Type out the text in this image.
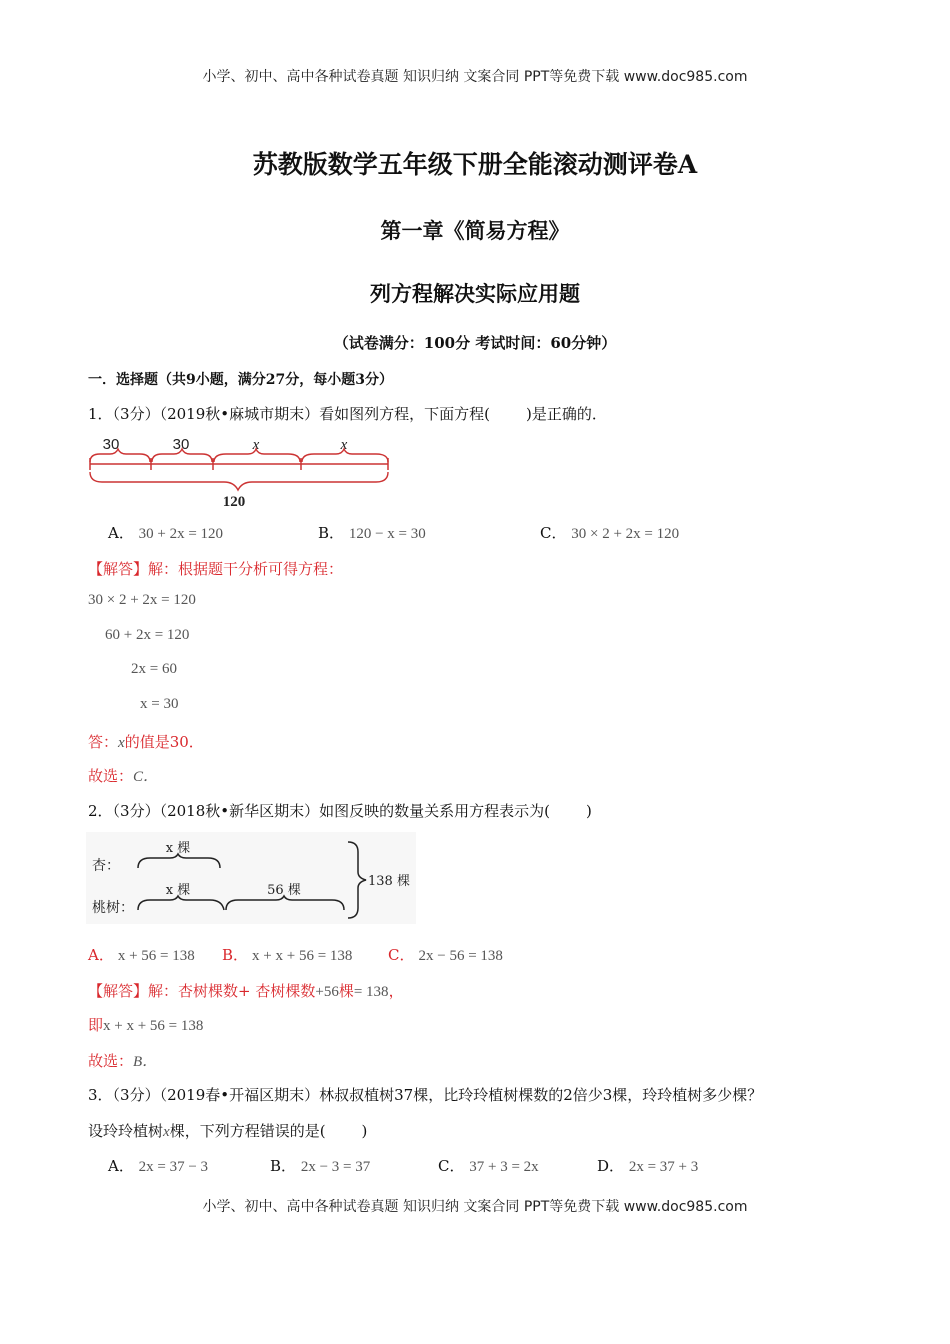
小学、初中、高中各种试卷真题 知识归纳 文案合同 PPT等免费下载 www.doc985.com
苏教版数学五年级下册全能滚动测评卷A
第一章《简易方程》
列方程解决实际应用题
（试卷满分：100分 考试时间：60分钟）
一．选择题（共9小题，满分27分，每小题3分）
1．（3分）（2019秋•麻城市期末）看如图列方程，下面方程( )是正确的．
30	30	x	x
120
A． 30 + 2x = 120	B． 120 − x = 30	C． 30 × 2 + 2x = 120
【解答】解：根据题干分析可得方程：
30 × 2 + 2x = 120
60 + 2x = 120
2x = 60
x = 30
答：x的值是30．
故选：C．
2．（3分）（2018秋•新华区期末）如图反映的数量关系用方程表示为( )
杏：
x 棵
桃树：
x 棵	56 棵
138 棵
A． x + 56 = 138 B． x + x + 56 = 138 C． 2x − 56 = 138
【解答】解：杏树棵数+ 杏树棵数+56棵= 138，
即x + x + 56 = 138
故选：B．
3．（3分）（2019春•开福区期末）林叔叔植树37棵，比玲玲植树棵数的2倍少3棵，玲玲植树多少棵？
设玲玲植树x棵，下列方程错误的是( )
A． 2x = 37 − 3	B． 2x − 3 = 37	C． 37 + 3 = 2x	D． 2x = 37 + 3
小学、初中、高中各种试卷真题 知识归纳 文案合同 PPT等免费下载 www.doc985.com
